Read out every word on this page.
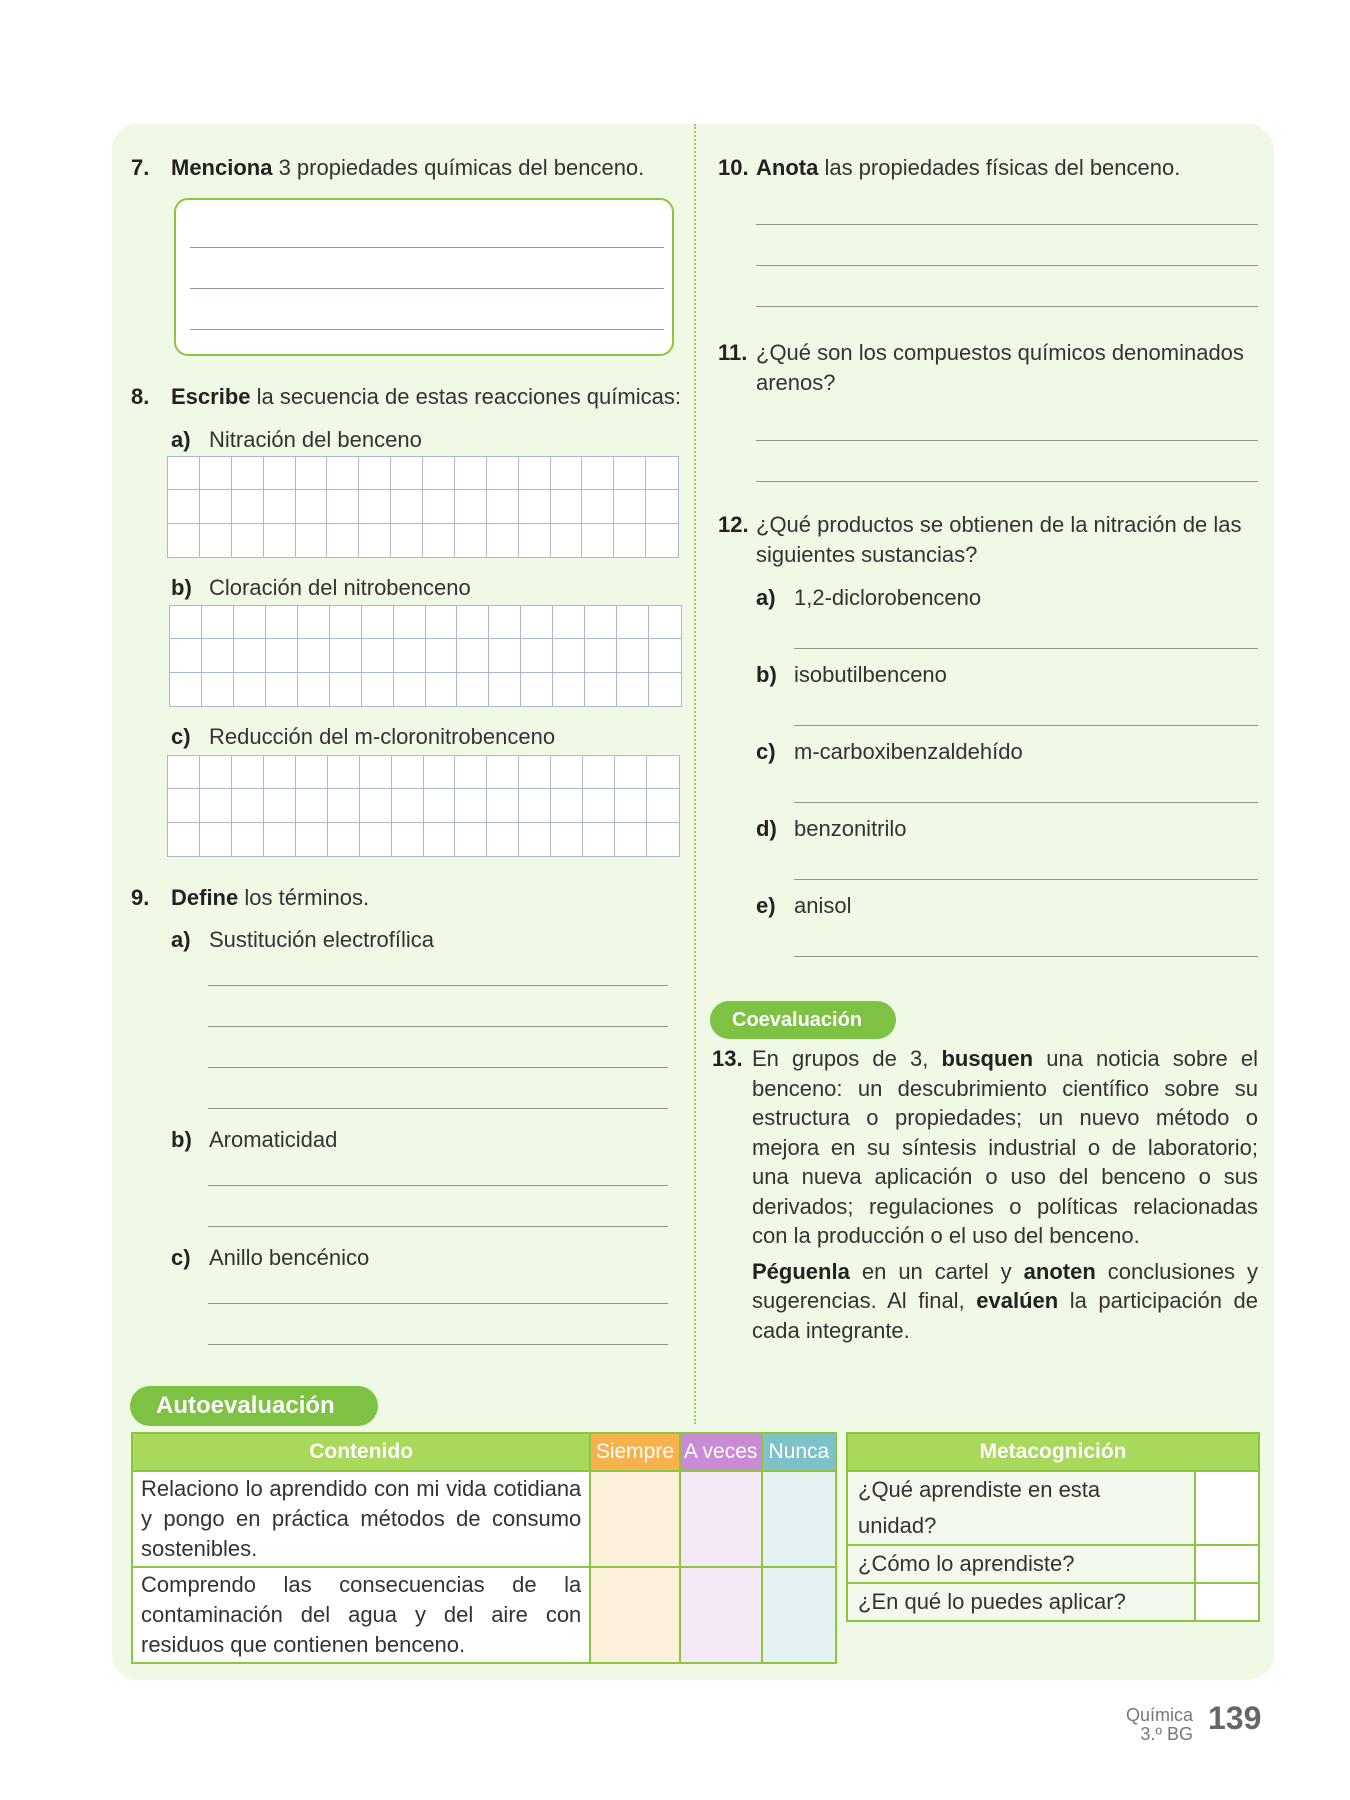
7. Menciona 3 propiedades químicas del benceno.
8. Escribe la secuencia de estas reacciones químicas:
a) Nitración del benceno
b) Cloración del nitrobenceno
c) Reducción del m-cloronitrobenceno
9. Define los términos.
a) Sustitución electrofílica
b) Aromaticidad
c) Anillo bencénico
10. Anota las propiedades físicas del benceno.
11. ¿Qué son los compuestos químicos denominados
arenos?
12. ¿Qué productos se obtienen de la nitración de las
siguientes sustancias?
a) 1,2-diclorobenceno
b) isobutilbenceno
c) m-carboxibenzaldehído
d) benzonitrilo
e) anisol
Coevaluación
13. En grupos de 3, busquen una noticia sobre el benceno: un descubrimiento científico sobre su estructura o propiedades; un nuevo método o mejora en su síntesis industrial o de laboratorio; una nueva aplicación o uso del benceno o sus derivados; regulaciones o políticas relacionadas con la producción o el uso del benceno.

Péguenla en un cartel y anoten conclusiones y sugerencias. Al final, evalúen la participación de cada integrante.

Autoevaluación
Contenido	Siempre	A veces	Nunca
Relaciono lo aprendido con mi vida cotidiana y pongo en práctica métodos de consumo sostenibles.			
Comprendo las consecuencias de la contaminación del agua y del aire con residuos que contienen benceno.			
Metacognición	
¿Qué aprendiste en esta unidad?	
¿Cómo lo aprendiste?	
¿En qué lo puedes aplicar?	
Química
3.º BG 139
